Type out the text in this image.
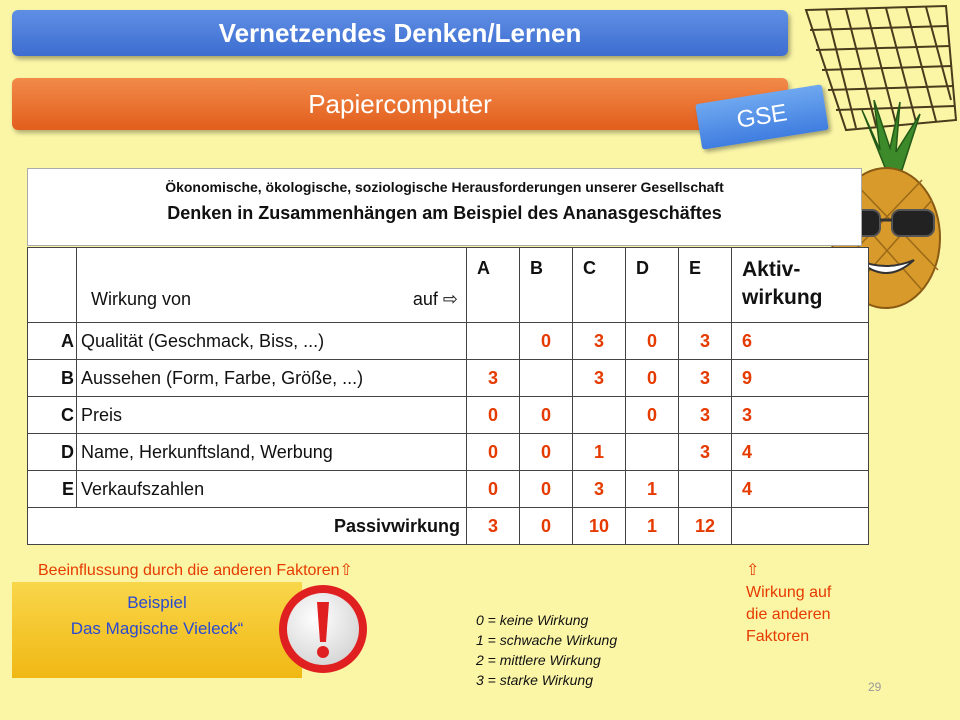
Vernetzendes Denken/Lernen
Papiercomputer	GSE
Ökonomische, ökologische, soziologische Herausforderungen unserer Gesellschaft
Denken in Zusammenhängen am Beispiel des Ananasgeschäftes

	Wirkung von auf ⇨	A	B	C	D	E	Aktiv-
wirkung

A	Qualität (Geschmack, Biss, ...)		0	3	0	3	6
B	Aussehen (Form, Farbe, Größe, ...)	3		3	0	3	9
C	Preis	0	0		0	3	3
D	Name, Herkunftsland, Werbung	0	0	1		3	4
E	Verkaufszahlen	0	0	3	1		4
Passivwirkung		3	0	10	1	12	
Beeinflussung durch die anderen Faktoren⇧	⇧
Wirkung auf
die anderen
Faktoren
Beispiel
Das Magische Vieleck“	0 = keine Wirkung
1 = schwache Wirkung
2 = mittlere Wirkung
3 = starke Wirkung	29
